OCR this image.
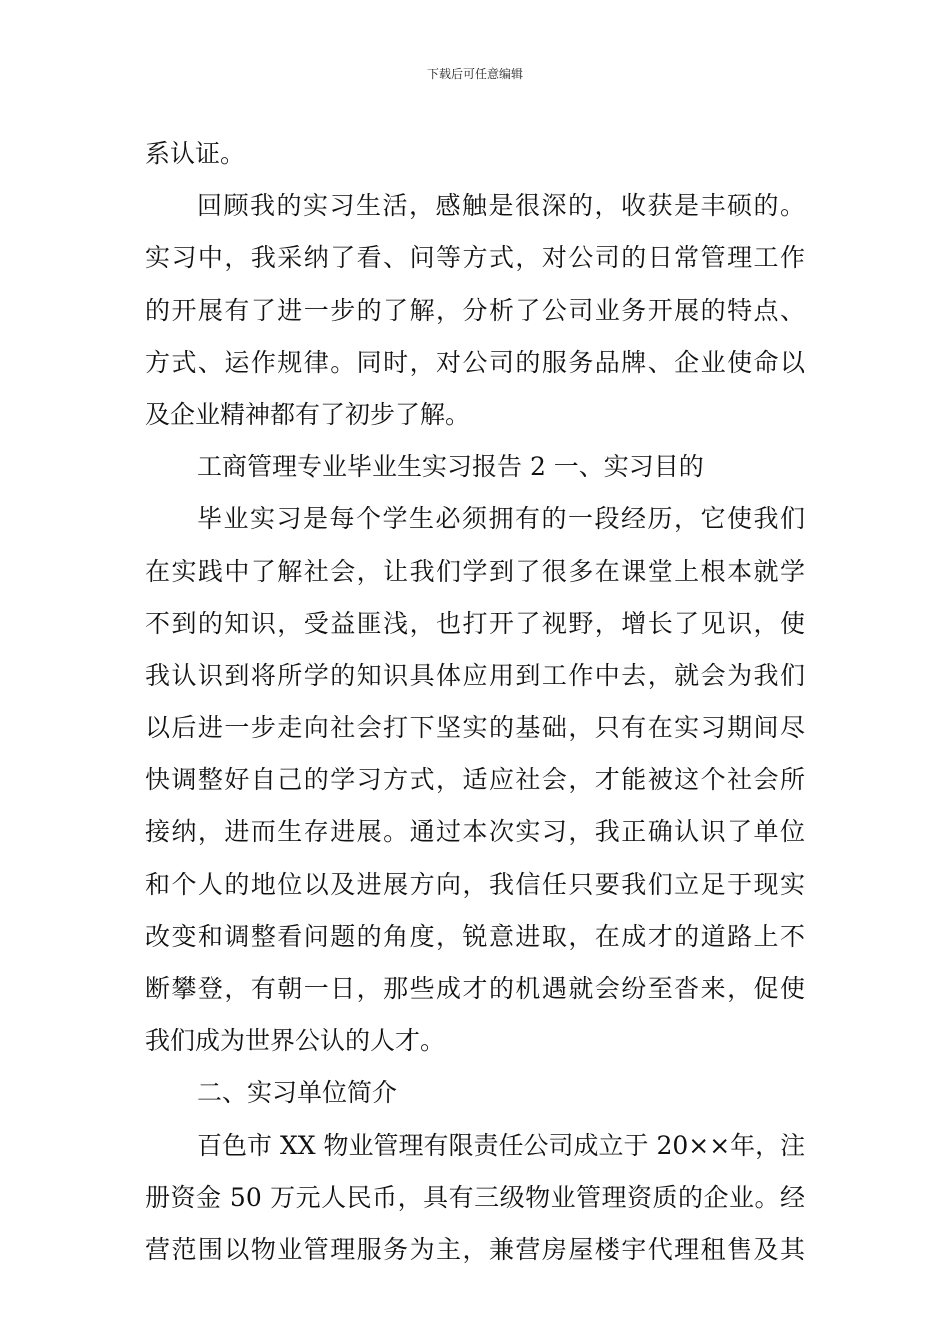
下载后可任意编辑
系认证。
回顾我的实习生活，感触是很深的，收获是丰硕的。
实习中，我采纳了看、问等方式，对公司的日常管理工作
的开展有了进一步的了解，分析了公司业务开展的特点、
方式、运作规律。同时，对公司的服务品牌、企业使命以
及企业精神都有了初步了解。
工商管理专业毕业生实习报告 2 一、实习目的
毕业实习是每个学生必须拥有的一段经历，它使我们
在实践中了解社会，让我们学到了很多在课堂上根本就学
不到的知识，受益匪浅，也打开了视野，增长了见识，使
我认识到将所学的知识具体应用到工作中去，就会为我们
以后进一步走向社会打下坚实的基础，只有在实习期间尽
快调整好自己的学习方式，适应社会，才能被这个社会所
接纳，进而生存进展。通过本次实习，我正确认识了单位
和个人的地位以及进展方向，我信任只要我们立足于现实
改变和调整看问题的角度，锐意进取，在成才的道路上不
断攀登，有朝一日，那些成才的机遇就会纷至沓来，促使
我们成为世界公认的人才。
二、实习单位简介
百色市 XX 物业管理有限责任公司成立于 20××年，注
册资金 50 万元人民币，具有三级物业管理资质的企业。经
营范围以物业管理服务为主，兼营房屋楼宇代理租售及其
